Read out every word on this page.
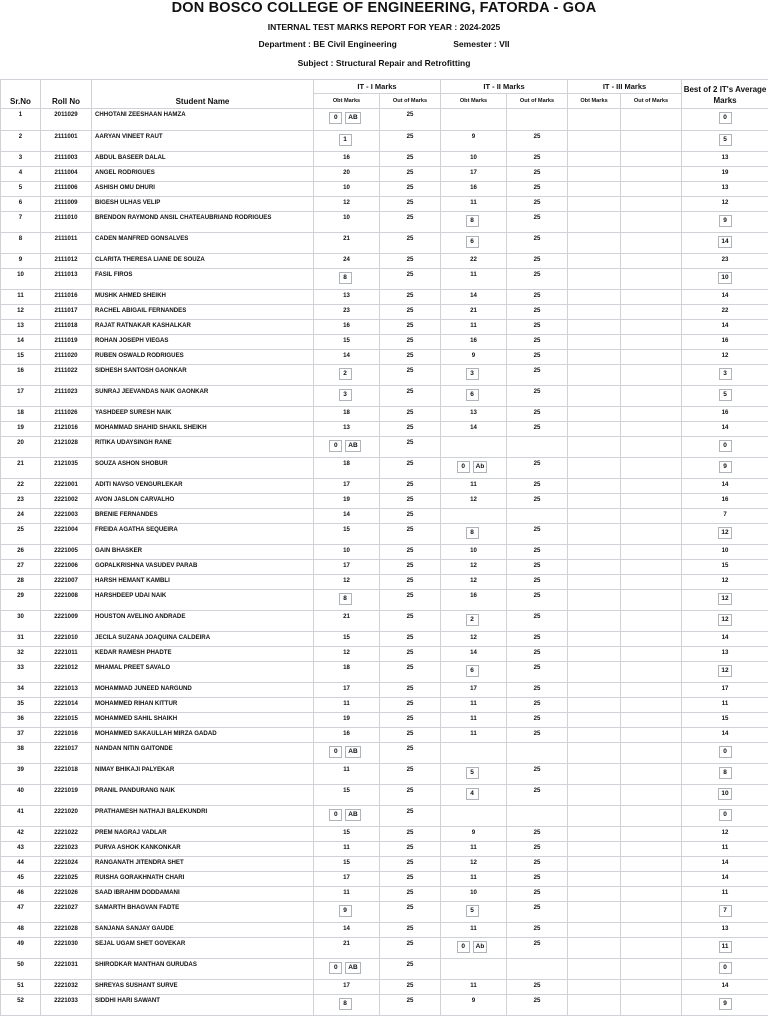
DON BOSCO COLLEGE OF ENGINEERING, FATORDA - GOA
INTERNAL TEST MARKS REPORT FOR YEAR : 2024-2025
Department : BE Civil Engineering	Semester : VII
Subject : Structural Repair and Retrofitting
Sr.No	Roll No	Student Name	IT - I Marks		IT - II Marks		IT - III Marks		Best of 2 IT's Average Marks
			Obt Marks	Out of Marks	Obt Marks	Out of Marks	Obt Marks	Out of Marks	
1	2011029	CHHOTANI ZEESHAAN HAMZA	0 AB	25					0
2	2111001	AARYAN VINEET RAUT	1	25	9	25			5
3	2111003	ABDUL BASEER DALAL	16	25	10	25			13
4	2111004	ANGEL RODRIGUES	20	25	17	25			19
5	2111006	ASHISH OMU DHURI	10	25	16	25			13
6	2111009	BIGESH ULHAS VELIP	12	25	11	25			12
7	2111010	BRENDON RAYMOND ANSIL CHATEAUBRIAND RODRIGUES	10	25	8	25			9
8	2111011	CADEN MANFRED GONSALVES	21	25	6	25			14
9	2111012	CLARITA THERESA LIANE DE SOUZA	24	25	22	25			23
10	2111013	FASIL FIROS	8	25	11	25			10
11	2111016	MUSHK AHMED SHEIKH	13	25	14	25			14
12	2111017	RACHEL ABIGAIL FERNANDES	23	25	21	25			22
13	2111018	RAJAT RATNAKAR KASHALKAR	16	25	11	25			14
14	2111019	ROHAN JOSEPH VIEGAS	15	25	16	25			16
15	2111020	RUBEN OSWALD RODRIGUES	14	25	9	25			12
16	2111022	SIDHESH SANTOSH GAONKAR	2	25	3	25			3
17	2111023	SUNRAJ JEEVANDAS NAIK GAONKAR	3	25	6	25			5
18	2111026	YASHDEEP SURESH NAIK	18	25	13	25			16
19	2121016	MOHAMMAD SHAHID SHAKIL SHEIKH	13	25	14	25			14
20	2121028	RITIKA UDAYSINGH RANE	0 AB	25					0
21	2121035	SOUZA ASHON SHOBUR	18	25	0 Ab	25			9
22	2221001	ADITI NAVSO VENGURLEKAR	17	25	11	25			14
23	2221002	AVON JASLON CARVALHO	19	25	12	25			16
24	2221003	BRENIE FERNANDES	14	25					7
25	2221004	FREIDA AGATHA SEQUEIRA	15	25	8	25			12
26	2221005	GAIN BHASKER	10	25	10	25			10
27	2221006	GOPALKRISHNA VASUDEV PARAB	17	25	12	25			15
28	2221007	HARSH HEMANT KAMBLI	12	25	12	25			12
29	2221008	HARSHDEEP UDAI NAIK	8	25	16	25			12
30	2221009	HOUSTON AVELINO ANDRADE	21	25	2	25			12
31	2221010	JECILA SUZANA JOAQUINA CALDEIRA	15	25	12	25			14
32	2221011	KEDAR RAMESH PHADTE	12	25	14	25			13
33	2221012	MHAMAL PREET SAVALO	18	25	6	25			12
34	2221013	MOHAMMAD JUNEED NARGUND	17	25	17	25			17
35	2221014	MOHAMMED RIHAN KITTUR	11	25	11	25			11
36	2221015	MOHAMMED SAHIL SHAIKH	19	25	11	25			15
37	2221016	MOHAMMED SAKAULLAH MIRZA GADAD	16	25	11	25			14
38	2221017	NANDAN NITIN GAITONDE	0 AB	25					0
39	2221018	NIMAY BHIKAJI PALYEKAR	11	25	5	25			8
40	2221019	PRANIL PANDURANG NAIK	15	25	4	25			10
41	2221020	PRATHAMESH NATHAJI BALEKUNDRI	0 AB	25					0
42	2221022	PREM NAGRAJ VADLAR	15	25	9	25			12
43	2221023	PURVA ASHOK KANKONKAR	11	25	11	25			11
44	2221024	RANGANATH JITENDRA SHET	15	25	12	25			14
45	2221025	RUISHA GORAKHNATH CHARI	17	25	11	25			14
46	2221026	SAAD IBRAHIM DODDAMANI	11	25	10	25			11
47	2221027	SAMARTH BHAGVAN FADTE	9	25	5	25			7
48	2221028	SANJANA SANJAY GAUDE	14	25	11	25			13
49	2221030	SEJAL UGAM SHET GOVEKAR	21	25	0 Ab	25			11
50	2221031	SHIRODKAR MANTHAN GURUDAS	0 AB	25					0
51	2221032	SHREYAS SUSHANT SURVE	17	25	11	25			14
52	2221033	SIDDHI HARI SAWANT	8	25	9	25			9
